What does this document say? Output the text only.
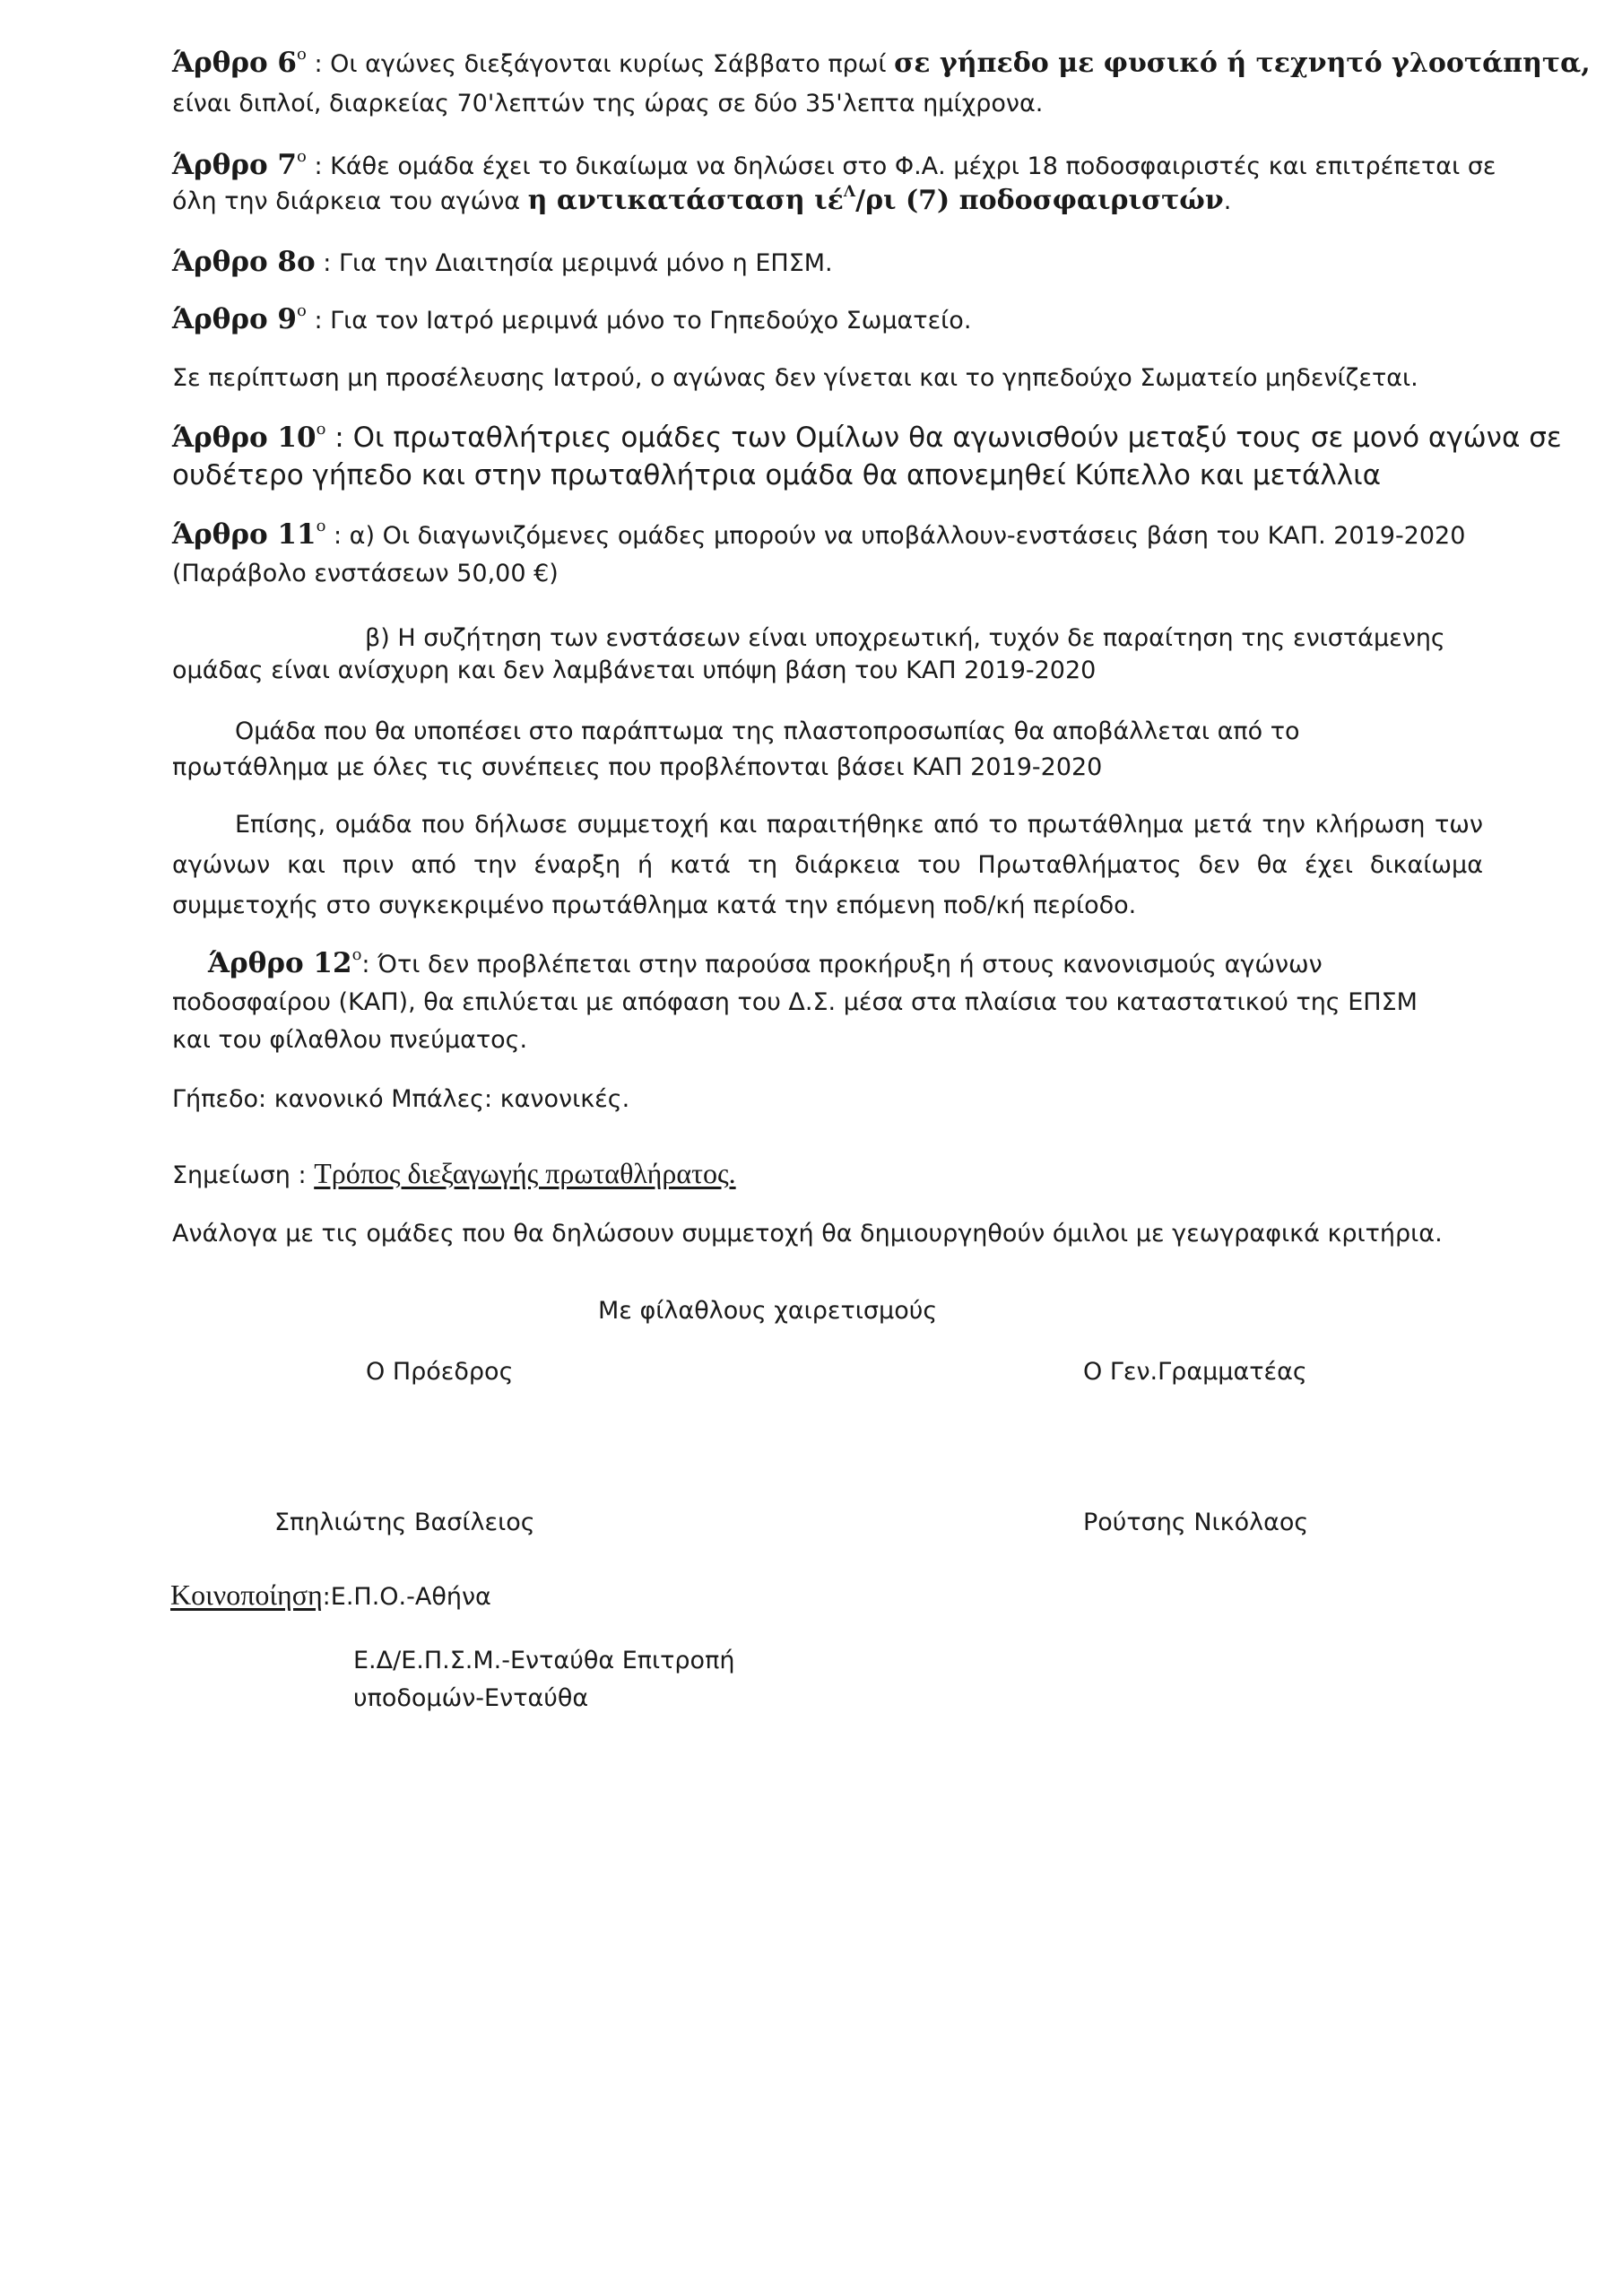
Άρθρο $6^o$ : Οι αγώνες διεξάγονται κυρίως Σάββατο πρωί σε γήπεδο με φυσικό ή τεχνητό γλοοτάπητα,
είναι διπλοί, διαρκείας 70'λεπτών της ώρας σε δύο 35'λεπτα ημίχρονα.
Άρθρο $7^o$ : Κάθε ομάδα έχει το δικαίωμα να δηλώσει στο Φ.Α. μέχρι 18 ποδοσφαιριστές και επιτρέπεται σε
όλη την διάρκεια του αγώνα η αντικατάσταση $\iota έ^\Lambda/\rho\iota$ (7) ποδοσφαιριστών.
Άρθρο 8ο : Για την Διαιτησία μεριμνά μόνο η ΕΠΣΜ.
Άρθρο $9^o$ : Για τον Ιατρό μεριμνά μόνο το Γηπεδούχο Σωματείο.
Σε περίπτωση μη προσέλευσης Ιατρού, ο αγώνας δεν γίνεται και το γηπεδούχο Σωματείο μηδενίζεται.
Άρθρο $10^o$ : Οι πρωταθλήτριες ομάδες των Ομίλων θα αγωνισθούν μεταξύ τους σε μονό αγώνα σε
ουδέτερο γήπεδο και στην πρωταθλήτρια ομάδα θα απονεμηθεί Κύπελλο και μετάλλια
Άρθρο $11^o$ : α) Οι διαγωνιζόμενες ομάδες μπορούν να υποβάλλουν-ενστάσεις βάση του ΚΑΠ. 2019-2020
(Παράβολο ενστάσεων 50,00 €)
β) Η συζήτηση των ενστάσεων είναι υποχρεωτική, τυχόν δε παραίτηση της ενιστάμενης
ομάδας είναι ανίσχυρη και δεν λαμβάνεται υπόψη βάση του ΚΑΠ 2019-2020
Ομάδα που θα υποπέσει στο παράπτωμα της πλαστοπροσωπίας θα αποβάλλεται από το
πρωτάθλημα με όλες τις συνέπειες που προβλέπονται βάσει ΚΑΠ 2019-2020
Επίσης, ομάδα που δήλωσε συμμετοχή και παραιτήθηκε από το πρωτάθλημα μετά την κλήρωση των αγώνων και πριν από την έναρξη ή κατά τη διάρκεια του Πρωταθλήματος δεν θα έχει δικαίωμα συμμετοχής στο συγκεκριμένο πρωτάθλημα κατά την επόμενη ποδ/κή περίοδο.
Άρθρο $12^o$: Ότι δεν προβλέπεται στην παρούσα προκήρυξη ή στους κανονισμούς αγώνων
ποδοσφαίρου (ΚΑΠ), θα επιλύεται με απόφαση του Δ.Σ. μέσα στα πλαίσια του καταστατικού της ΕΠΣΜ
και του φίλαθλου πνεύματος.
Γήπεδο: κανονικό Μπάλες: κανονικές.
Σημείωση : Τρόπος διεξαγωγής πρωταθλήρατος.
Ανάλογα με τις ομάδες που θα δηλώσουν συμμετοχή θα δημιουργηθούν όμιλοι με γεωγραφικά κριτήρια.
Με φίλαθλους χαιρετισμούς
Ο Πρόεδρος	Ο Γεν.Γραμματέας
Σπηλιώτης Βασίλειος	Ρούτσης Νικόλαος
Κοινοποίηση:Ε.Π.Ο.-Αθήνα
Ε.Δ/Ε.Π.Σ.Μ.-Ενταύθα Επιτροπή
υποδομών-Ενταύθα
